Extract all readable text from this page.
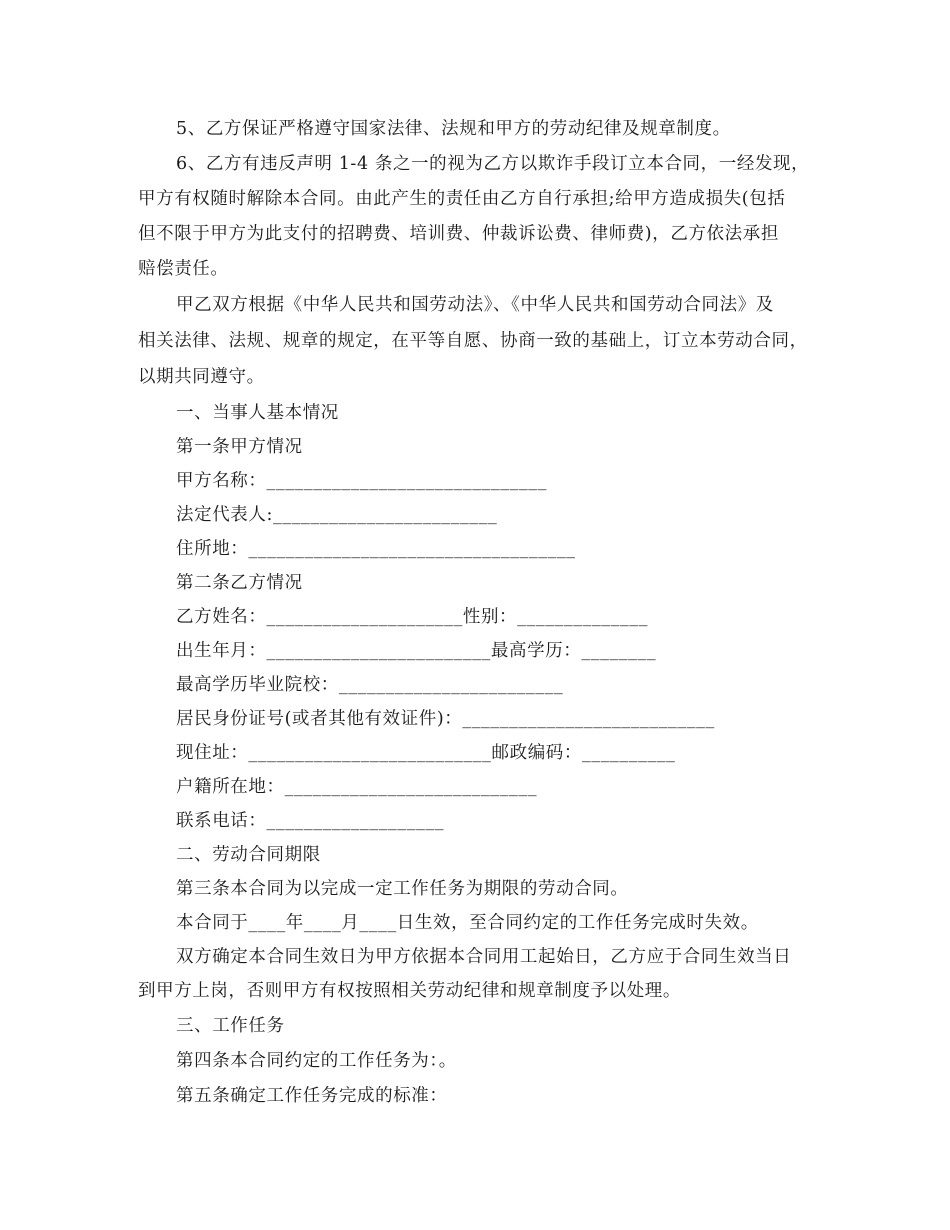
5、乙方保证严格遵守国家法律、法规和甲方的劳动纪律及规章制度。
6、乙方有违反声明 1-4 条之一的视为乙方以欺诈手段订立本合同，一经发现，
甲方有权随时解除本合同。由此产生的责任由乙方自行承担;给甲方造成损失(包括
但不限于甲方为此支付的招聘费、培训费、仲裁诉讼费、律师费)，乙方依法承担
赔偿责任。
甲乙双方根据《中华人民共和国劳动法》、《中华人民共和国劳动合同法》及
相关法律、法规、规章的规定，在平等自愿、协商一致的基础上，订立本劳动合同，
以期共同遵守。
一、当事人基本情况
第一条甲方情况
甲方名称：______________________________
法定代表人:________________________
住所地：___________________________________
第二条乙方情况
乙方姓名：_____________________性别：______________
出生年月：________________________最高学历：________
最高学历毕业院校：________________________
居民身份证号(或者其他有效证件)：___________________________
现住址：__________________________邮政编码：__________
户籍所在地：___________________________
联系电话：___________________
二、劳动合同期限
第三条本合同为以完成一定工作任务为期限的劳动合同。
本合同于____年____月____日生效，至合同约定的工作任务完成时失效。
双方确定本合同生效日为甲方依据本合同用工起始日，乙方应于合同生效当日
到甲方上岗，否则甲方有权按照相关劳动纪律和规章制度予以处理。
三、工作任务
第四条本合同约定的工作任务为：。
第五条确定工作任务完成的标准：
